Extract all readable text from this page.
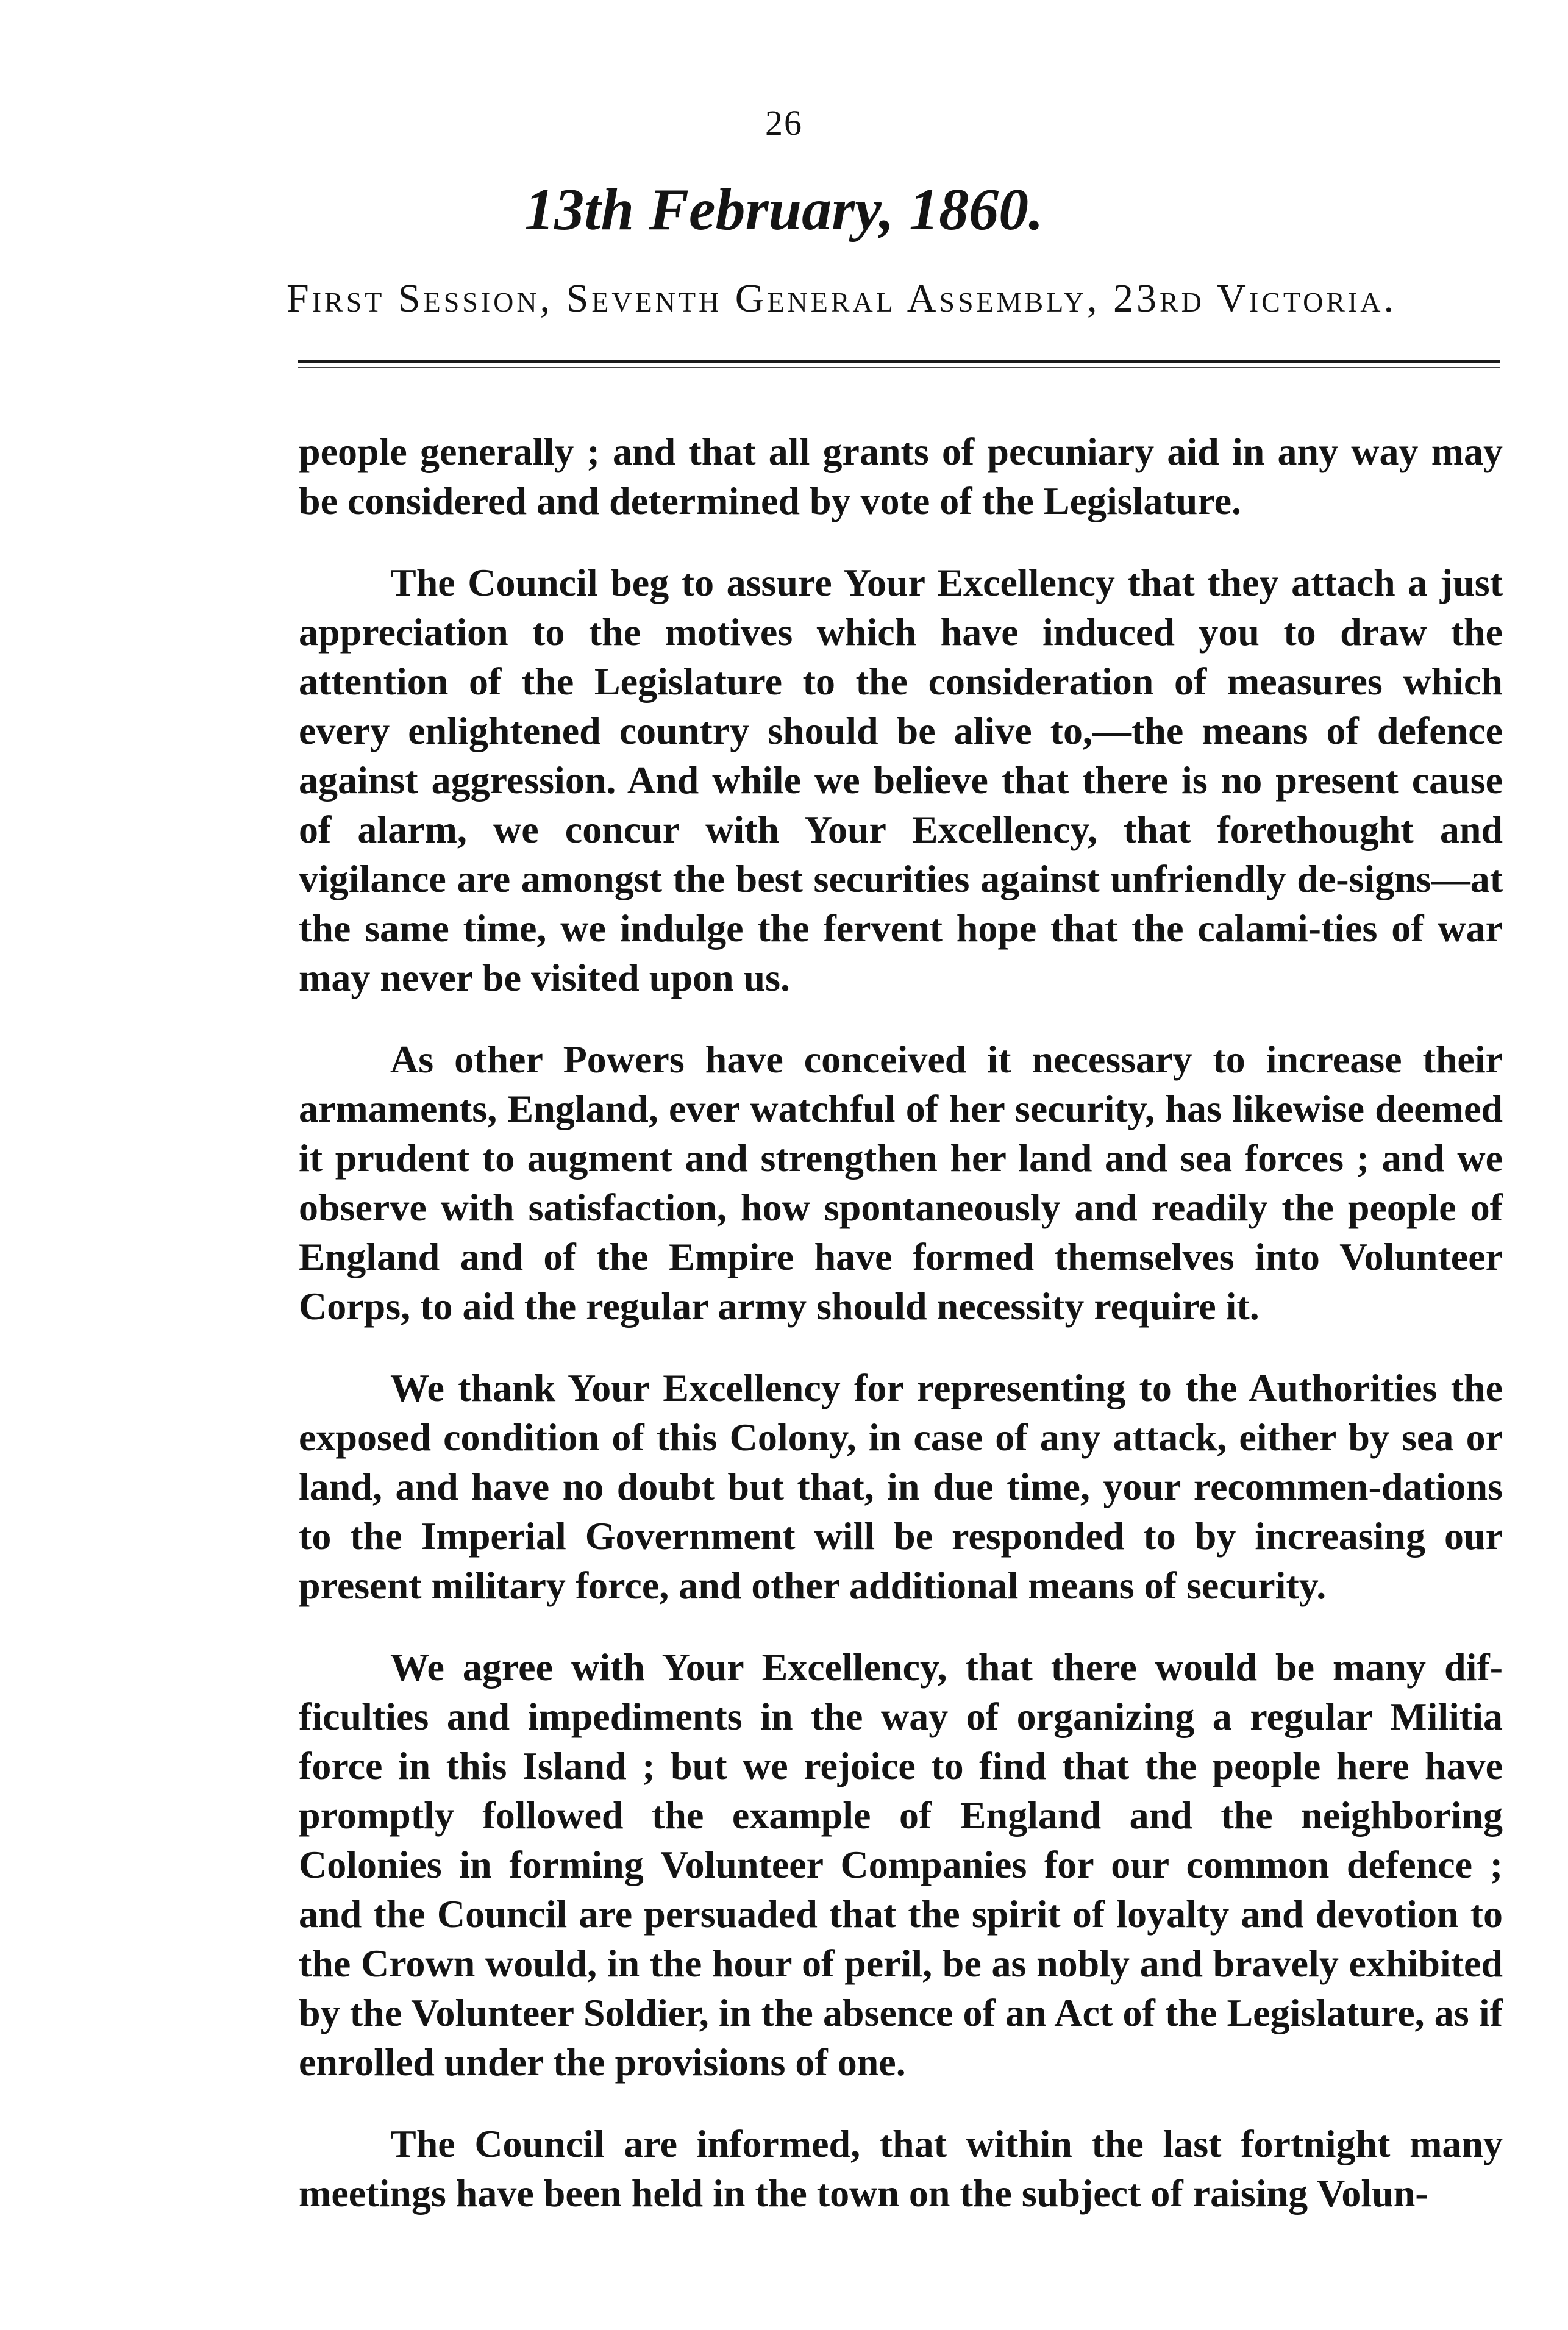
26
13th February, 1860.
First Session, Seventh General Assembly, 23rd Victoria.

people generally ; and that all grants of pecuniary aid in any way may be considered and determined by vote of the Legislature.

The Council beg to assure Your Excellency that they attach a just appreciation to the motives which have induced you to draw the attention of the Legislature to the consideration of measures which every enlightened country should be alive to,—the means of defence against aggression. And while we believe that there is no present cause of alarm, we concur with Your Excellency, that forethought and vigilance are amongst the best securities against unfriendly de-signs—at the same time, we indulge the fervent hope that the calami-ties of war may never be visited upon us.

As other Powers have conceived it necessary to increase their armaments, England, ever watchful of her security, has likewise deemed it prudent to augment and strengthen her land and sea forces ; and we observe with satisfaction, how spontaneously and readily the people of England and of the Empire have formed themselves into Volunteer Corps, to aid the regular army should necessity require it.

We thank Your Excellency for representing to the Authorities the exposed condition of this Colony, in case of any attack, either by sea or land, and have no doubt but that, in due time, your recommen-dations to the Imperial Government will be responded to by increasing our present military force, and other additional means of security.

We agree with Your Excellency, that there would be many dif-ficulties and impediments in the way of organizing a regular Militia force in this Island ; but we rejoice to find that the people here have promptly followed the example of England and the neighboring Colonies in forming Volunteer Companies for our common defence ; and the Council are persuaded that the spirit of loyalty and devotion to the Crown would, in the hour of peril, be as nobly and bravely exhibited by the Volunteer Soldier, in the absence of an Act of the Legislature, as if enrolled under the provisions of one.

The Council are informed, that within the last fortnight many meetings have been held in the town on the subject of raising Volun-
